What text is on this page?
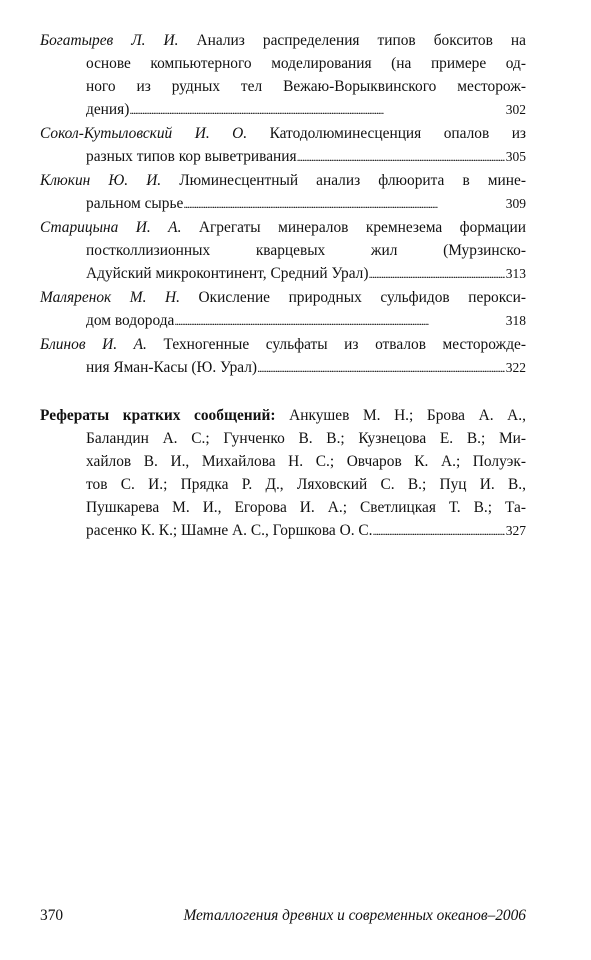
Богатырев Л. И. Анализ распределения типов бокситов на
основе компьютерного моделирования (на примере од-
ного из рудных тел Вежаю-Ворыквинского месторож-
дения) . . .	302
Сокол-Кутыловский И. О. Катодолюминесценция опалов из
разных типов кор выветривания . . .	305
Клюкин Ю. И. Люминесцентный анализ флюорита в мине-
ральном сырье . . .	309
Старицына И. А. Агрегаты минералов кремнезема формации
постколлизионных кварцевых жил (Мурзинско-
Адуйский микроконтинент, Средний Урал) . . .	313
Маляренок М. Н. Окисление природных сульфидов перокси-
дом водорода . . .	318
Блинов И. А. Техногенные сульфаты из отвалов месторожде-
ния Яман-Касы (Ю. Урал) . . .	322
Рефераты кратких сообщений: Анкушев М. Н.; Брова А. А.,
Баландин А. С.; Гунченко В. В.; Кузнецова Е. В.; Ми-
хайлов В. И., Михайлова Н. С.; Овчаров К. А.; Полуэк-
тов С. И.; Прядка Р. Д., Ляховский С. В.; Пуц И. В.,
Пушкарева М. И., Егорова И. А.; Светлицкая Т. В.; Та-
расенко К. К.; Шамне А. С., Горшкова О. С. . . .	327
370	Металлогения древних и современных океанов–2006
